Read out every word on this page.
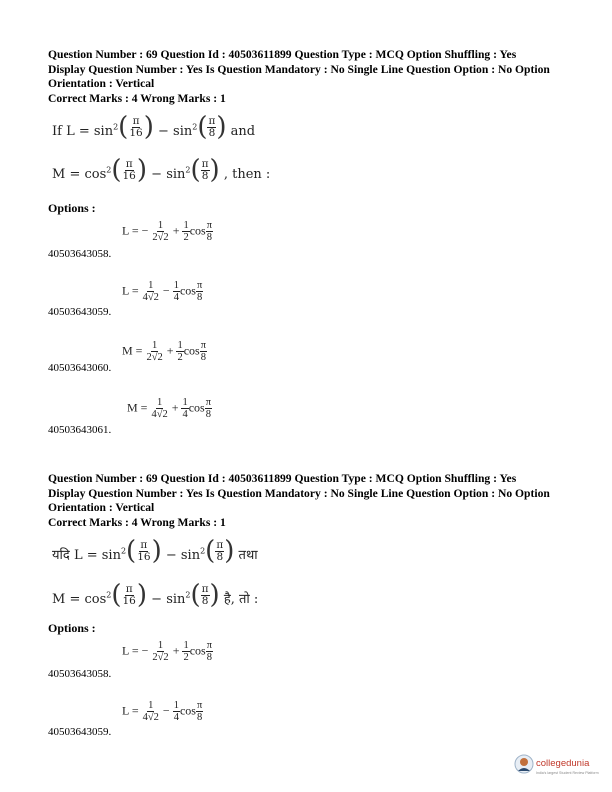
Question Number : 69 Question Id : 40503611899 Question Type : MCQ Option Shuffling : Yes
Display Question Number : Yes Is Question Mandatory : No Single Line Question Option : No Option
Orientation : Vertical
Correct Marks : 4 Wrong Marks : 1
If $L = \sin^2$ ( $\frac{\pi}{16}$ ) − $\sin^2$ ( $\frac{\pi}{8}$ ) and
$M = \cos^2$ ( $\frac{\pi}{16}$ ) − $\sin^2$ ( $\frac{\pi}{8}$ ) , then :
Options :
L = − $\frac{1}{2√2} + \frac{1}{2}$ $\cos \frac{\pi}{8}$
40503643058.
$L = \frac{1}{4√2} - \frac{1}{4}$ $\cos \frac{\pi}{8}$
40503643059.
$M = \frac{1}{2√2} + \frac{1}{2}$ $\cos \frac{\pi}{8}$
40503643060.
$M = \frac{1}{4√2} + \frac{1}{4}$ $\cos \frac{\pi}{8}$
40503643061.
Question Number : 69 Question Id : 40503611899 Question Type : MCQ Option Shuffling : Yes
Display Question Number : Yes Is Question Mandatory : No Single Line Question Option : No Option
Orientation : Vertical
Correct Marks : 4 Wrong Marks : 1
यदि $L = \sin^2$ ( $\frac{\pi}{16}$ ) − $\sin^2$ ( $\frac{\pi}{8}$ ) तथा
$M = \cos^2$ ( $\frac{\pi}{16}$ ) − $\sin^2$ ( $\frac{\pi}{8}$ ) है, तो :
Options :
L = − $\frac{1}{2√2} + \frac{1}{2}$ $\cos \frac{\pi}{8}$
40503643058.
$L = \frac{1}{4√2} - \frac{1}{4}$ $\cos \frac{\pi}{8}$
40503643059.
collegedunia
India's largest Student Review Platform
